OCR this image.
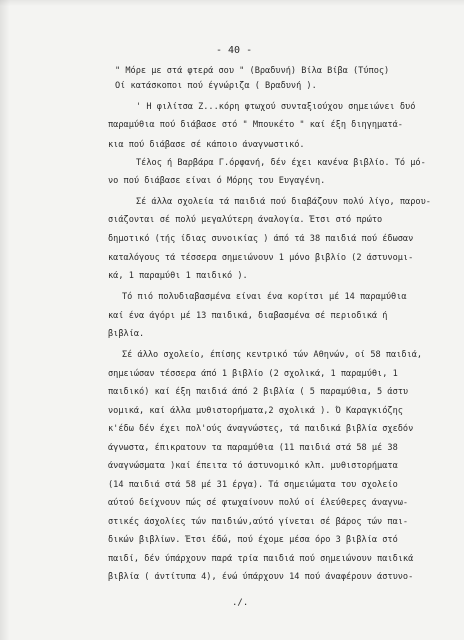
- 40 -

" Μόρε με στά φτερά σου " (Βραδυνή) Βίλα Βίβα (Τύπος)

Οί κατάσκοποι πού έγνώριζα ( Βραδυνή ).

' Η φιλίτσα Ζ...κόρη φτωχού συνταξιούχου σημειώνει δυό

παραμύθια πού διάβασε στό " Μπουκέτο " καί έξη διηγηματά-

κια πού διάβασε σέ κάποιο άναγνωστικό.

Τέλος ή Βαρβάρα Γ.όρφανή, δέν έχει κανένα βιβλίο. Τό μό-

νο πού διάβασε είναι ό Μόρης του Ευγαγένη.

Σέ άλλα σχολεία τά παιδιά πού διαβάζουν πολύ λίγο, παρου-

σιάζονται σέ πολύ μεγαλύτερη άναλογία. Έτσι στό πρώτο

δημοτικό (τής ίδιας συνοικίας ) άπό τά 38 παιδιά πού έδωσαν

καταλόγους τά τέσσερα σημειώνουν 1 μόνο βιβλίο (2 άστυνομι-

κά, 1 παραμύθι 1 παιδικό ).

Τό πιό πολυδιαβασμένα είναι ένα κορίτσι μέ 14 παραμύθια

καί ένα άγόρι μέ 13 παιδικά, διαβασμένα σέ περιοδικά ή

βιβλία.

Σέ άλλο σχολείο, έπίσης κεντρικό τών Αθηνών, οί 58 παιδιά,

σημειώσαν τέσσερα άπό 1 βιβλίο (2 σχολικά, 1 παραμύθι, 1

παιδικό) καί έξη παιδιά άπό 2 βιβλία ( 5 παραμύθια, 5 άστυ

νομικά, καί άλλα μυθιστορήματα,2 σχολικά ). Ό Καραγκιόζης

κ'έδω δέν έχει πολ'ούς άναγνώστες, τά παιδικά βιβλία σχεδόν

άγνωστα, έπικρατουν τα παραμύθια (11 παιδιά στά 58 μέ 38

άναγνώσματα )καί έπειτα τό άστυνομικό κλπ. μυθιστορήματα

(14 παιδιά στά 58 μέ 31 έργα). Τά σημειώματα του σχολείο

αύτού δείχνουν πώς σέ φτωχαίνουν πολύ οί έλεύθερες άναγνω-

στικές άσχολίες τών παιδιών,αύτό γίνεται σέ βάρος τών παι-

δικών βιβλίων. Έτσι έδώ, πού έχομε μέσα όρο 3 βιβλία στό

παιδί, δέν ύπάρχουν παρά τρία παιδιά πού σημειώνουν παιδικά

βιβλία ( άντίτυπα 4), ένώ ύπάρχουν 14 πού άναφέρουν άστυνο-

./.
